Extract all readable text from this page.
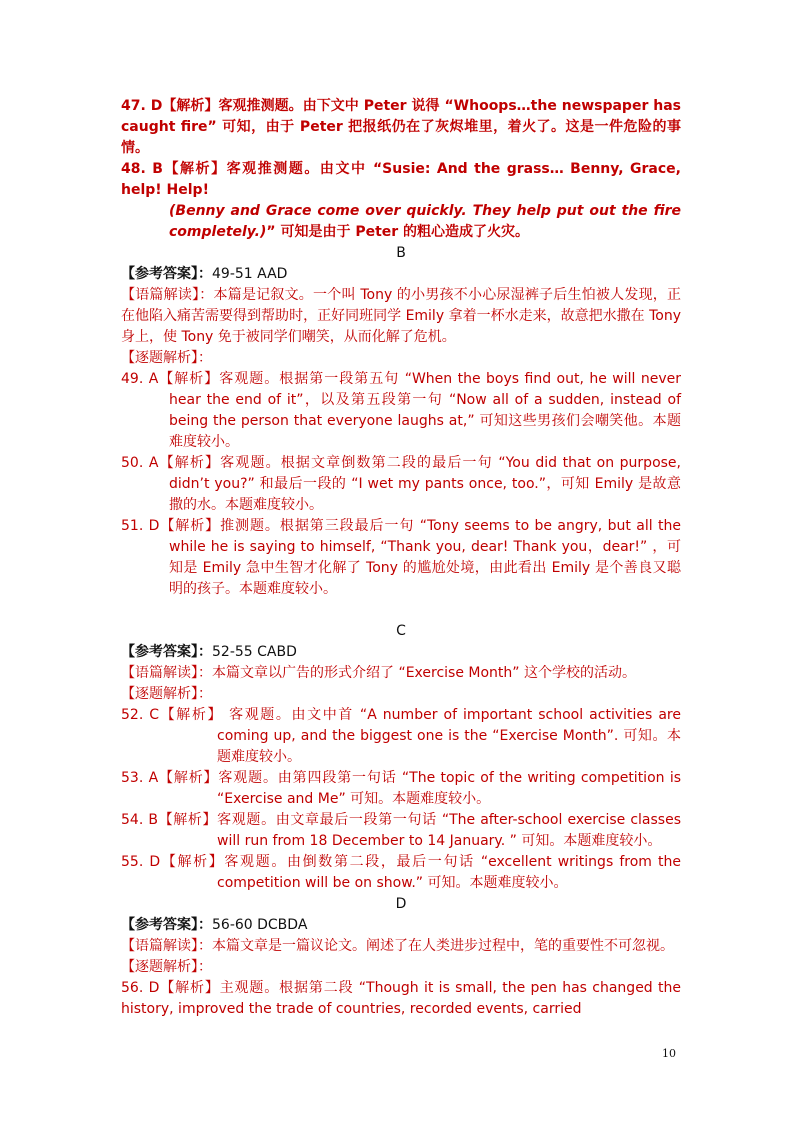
47. D【解析】客观推测题。由下文中 Peter 说得 “Whoops…the newspaper has caught fire” 可知，由于 Peter 把报纸仍在了灰烬堆里，着火了。这是一件危险的事情。
48. B【解析】客观推测题。由文中 “Susie: And the grass… Benny, Grace, help! Help!
(Benny and Grace come over quickly. They help put out the fire completely.)” 可知是由于 Peter 的粗心造成了火灾。
B
【参考答案】：49-51 AAD
【语篇解读】：本篇是记叙文。一个叫 Tony 的小男孩不小心尿湿裤子后生怕被人发现，正在他陷入痛苦需要得到帮助时，正好同班同学 Emily 拿着一杯水走来，故意把水撒在 Tony 身上，使 Tony 免于被同学们嘲笑，从而化解了危机。
【逐题解析】：
49. A【解析】客观题。根据第一段第五句 “When the boys find out, he will never hear the end of it”，以及第五段第一句 “Now all of a sudden, instead of being the person that everyone laughs at,” 可知这些男孩们会嘲笑他。本题难度较小。
50. A【解析】客观题。根据文章倒数第二段的最后一句 “You did that on purpose, didn’t you?” 和最后一段的 “I wet my pants once, too.”，可知 Emily 是故意撒的水。本题难度较小。
51. D【解析】推测题。根据第三段最后一句 “Tony seems to be angry, but all the while he is saying to himself, “Thank you, dear! Thank you，dear!” ，可知是 Emily 急中生智才化解了 Tony 的尴尬处境，由此看出 Emily 是个善良又聪明的孩子。本题难度较小。
C
【参考答案】：52-55 CABD
【语篇解读】：本篇文章以广告的形式介绍了 “Exercise Month” 这个学校的活动。
【逐题解析】：
52. C【解析】 客观题。由文中首 “A number of important school activities are coming up, and the biggest one is the “Exercise Month”. 可知。本题难度较小。
53. A【解析】客观题。由第四段第一句话 “The topic of the writing competition is “Exercise and Me” 可知。本题难度较小。
54. B【解析】客观题。由文章最后一段第一句话 “The after-school exercise classes will run from 18 December to 14 January. ” 可知。本题难度较小。
55. D【解析】客观题。由倒数第二段，最后一句话 “excellent writings from the competition will be on show.” 可知。本题难度较小。
D
【参考答案】：56-60 DCBDA
【语篇解读】：本篇文章是一篇议论文。阐述了在人类进步过程中，笔的重要性不可忽视。
【逐题解析】：
56. D【解析】主观题。根据第二段 “Though it is small, the pen has changed the history, improved the trade of countries, recorded events, carried
10
